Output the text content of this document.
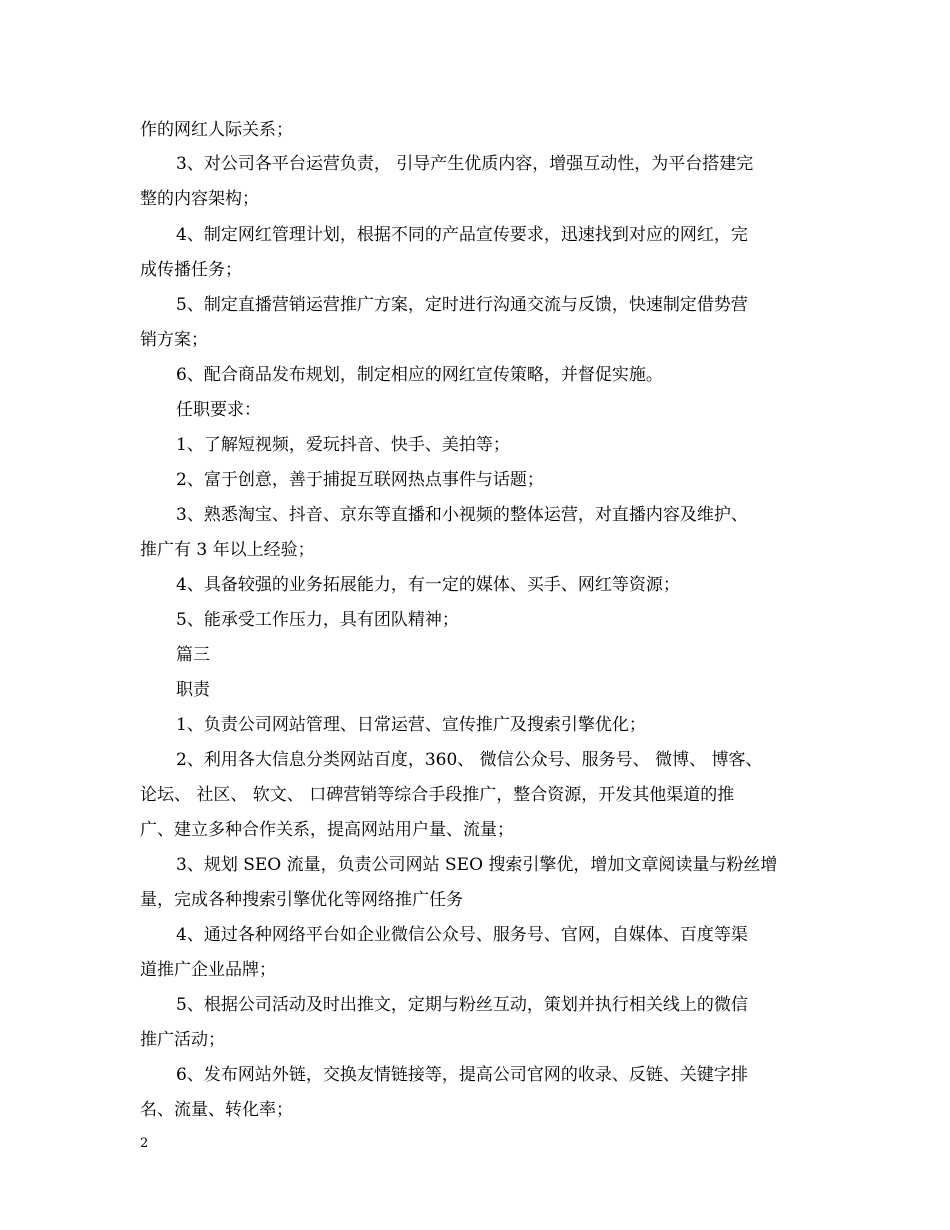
作的网红人际关系；
3、对公司各平台运营负责， 引导产生优质内容，增强互动性，为平台搭建完
整的内容架构；
4、制定网红管理计划，根据不同的产品宣传要求，迅速找到对应的网红，完
成传播任务；
5、制定直播营销运营推广方案，定时进行沟通交流与反馈，快速制定借势营
销方案；
6、配合商品发布规划，制定相应的网红宣传策略，并督促实施。
任职要求：
1、了解短视频，爱玩抖音、快手、美拍等；
2、富于创意，善于捕捉互联网热点事件与话题；
3、熟悉淘宝、抖音、京东等直播和小视频的整体运营，对直播内容及维护、
推广有 3 年以上经验；
4、具备较强的业务拓展能力，有一定的媒体、买手、网红等资源；
5、能承受工作压力，具有团队精神；
篇三
职责
1、负责公司网站管理、日常运营、宣传推广及搜索引擎优化；
2、利用各大信息分类网站百度，360、 微信公众号、服务号、 微博、 博客、
论坛、 社区、 软文、 口碑营销等综合手段推广，整合资源，开发其他渠道的推
广、建立多种合作关系，提高网站用户量、流量；
3、规划 SEO 流量，负责公司网站 SEO 搜索引擎优，增加文章阅读量与粉丝增
量，完成各种搜索引擎优化等网络推广任务
4、通过各种网络平台如企业微信公众号、服务号、官网，自媒体、百度等渠
道推广企业品牌；
5、根据公司活动及时出推文，定期与粉丝互动，策划并执行相关线上的微信
推广活动；
6、发布网站外链，交换友情链接等，提高公司官网的收录、反链、关键字排
名、流量、转化率；
2
